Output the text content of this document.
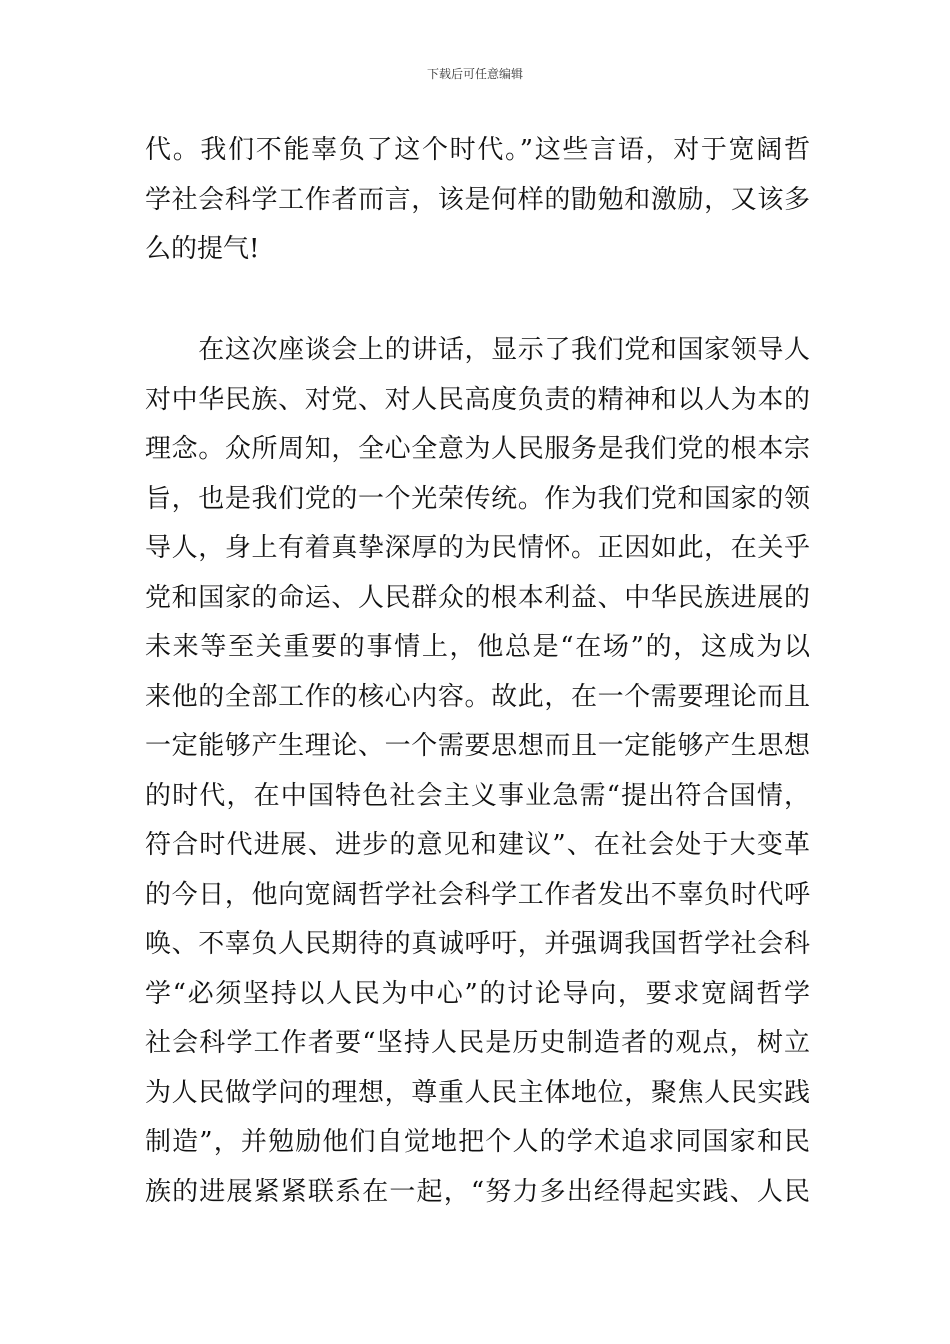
下载后可任意编辑
代。我们不能辜负了这个时代。”这些言语，对于宽阔哲
学社会科学工作者而言，该是何样的勖勉和激励，又该多
么的提气!
　　在这次座谈会上的讲话，显示了我们党和国家领导人
对中华民族、对党、对人民高度负责的精神和以人为本的
理念。众所周知，全心全意为人民服务是我们党的根本宗
旨，也是我们党的一个光荣传统。作为我们党和国家的领
导人，身上有着真挚深厚的为民情怀。正因如此，在关乎
党和国家的命运、人民群众的根本利益、中华民族进展的
未来等至关重要的事情上，他总是“在场”的，这成为以
来他的全部工作的核心内容。故此，在一个需要理论而且
一定能够产生理论、一个需要思想而且一定能够产生思想
的时代，在中国特色社会主义事业急需“提出符合国情，
符合时代进展、进步的意见和建议”、在社会处于大变革
的今日，他向宽阔哲学社会科学工作者发出不辜负时代呼
唤、不辜负人民期待的真诚呼吁，并强调我国哲学社会科
学“必须坚持以人民为中心”的讨论导向，要求宽阔哲学
社会科学工作者要“坚持人民是历史制造者的观点，树立
为人民做学问的理想，尊重人民主体地位，聚焦人民实践
制造”，并勉励他们自觉地把个人的学术追求同国家和民
族的进展紧紧联系在一起，“努力多出经得起实践、人民
